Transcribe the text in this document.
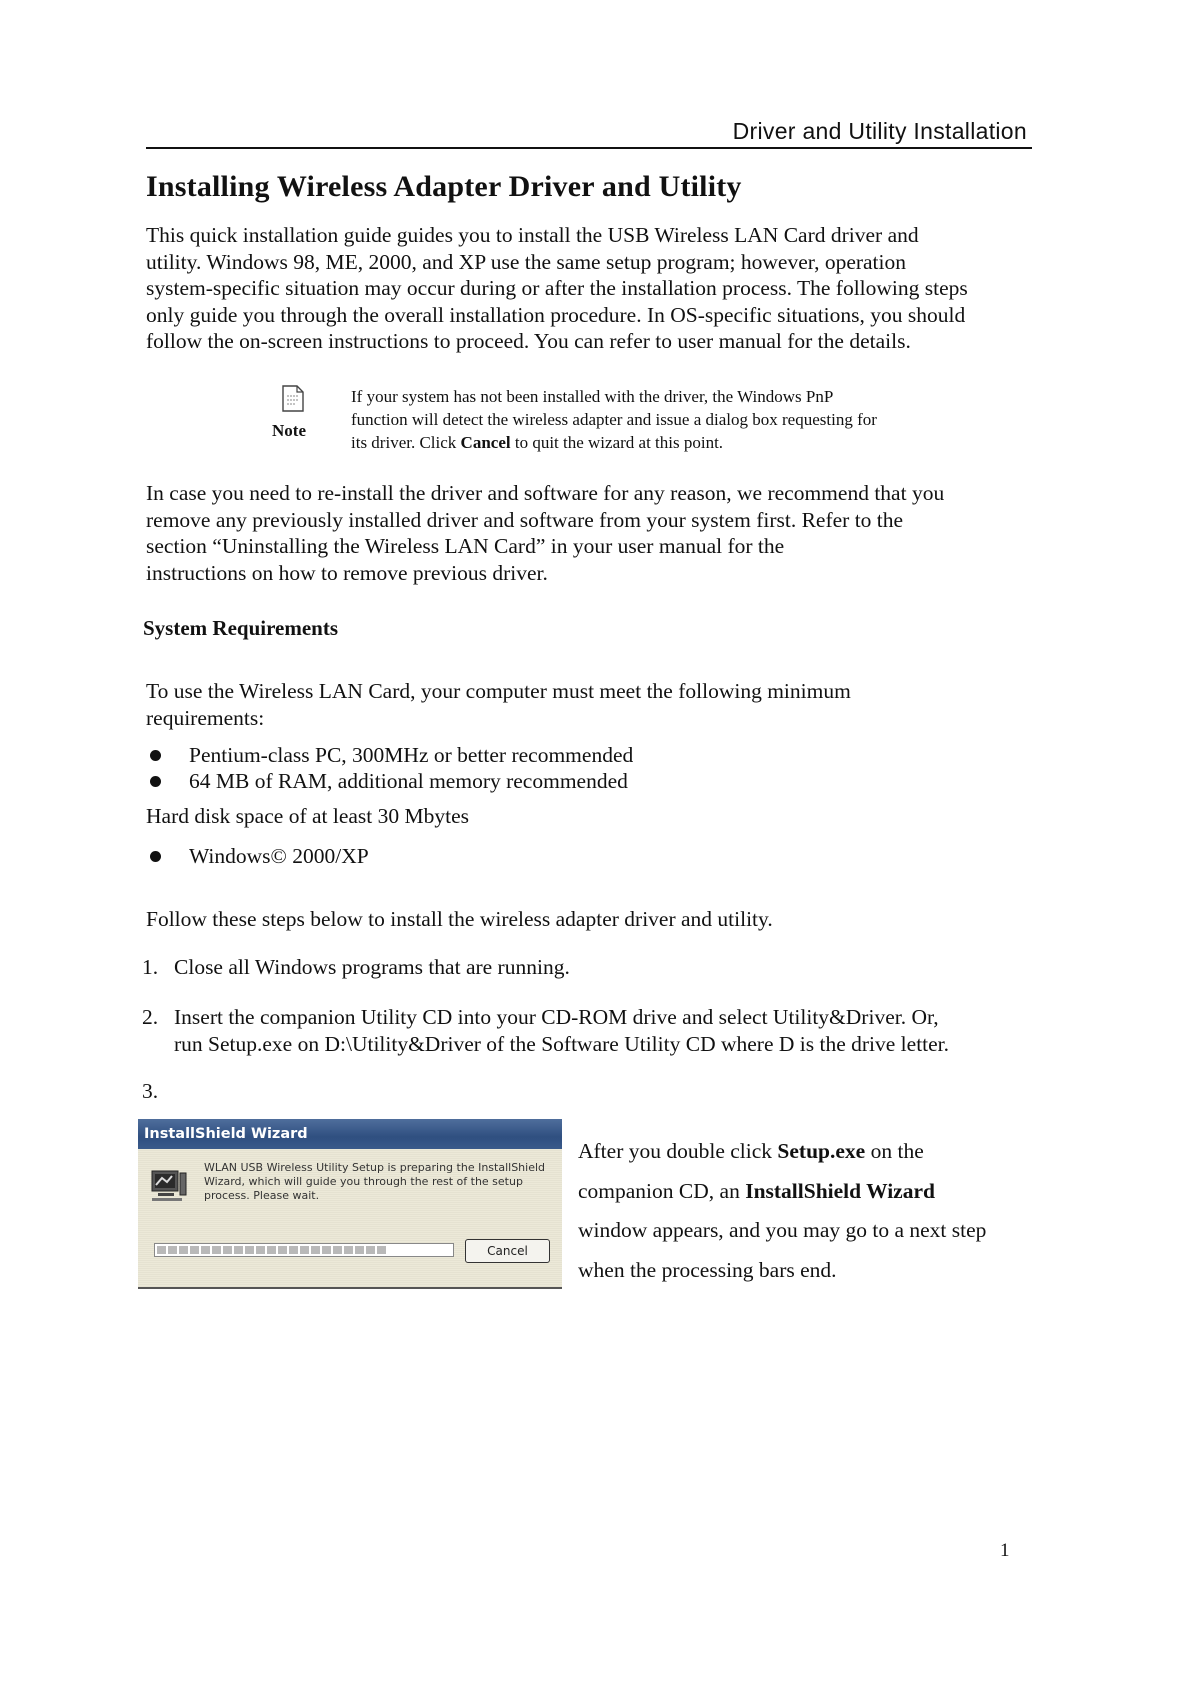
Driver and Utility Installation
Installing Wireless Adapter Driver and Utility
This quick installation guide guides you to install the USB Wireless LAN Card driver and
utility. Windows 98, ME, 2000, and XP use the same setup program; however, operation
system-specific situation may occur during or after the installation process. The following steps
only guide you through the overall installation procedure. In OS-specific situations, you should
follow the on-screen instructions to proceed. You can refer to user manual for the details.
Note
If your system has not been installed with the driver, the Windows PnP
function will detect the wireless adapter and issue a dialog box requesting for
its driver. Click Cancel to quit the wizard at this point.
In case you need to re-install the driver and software for any reason, we recommend that you
remove any previously installed driver and software from your system first. Refer to the
section “Uninstalling the Wireless LAN Card” in your user manual for the
instructions on how to remove previous driver.
System Requirements
To use the Wireless LAN Card, your computer must meet the following minimum
requirements:
Pentium-class PC, 300MHz or better recommended
64 MB of RAM, additional memory recommended
Hard disk space of at least 30 Mbytes
Windows© 2000/XP
Follow these steps below to install the wireless adapter driver and utility.
1. Close all Windows programs that are running.
2. Insert the companion Utility CD into your CD-ROM drive and select Utility&Driver. Or,
run Setup.exe on D:\Utility&Driver of the Software Utility CD where D is the drive letter.
3.
InstallShield Wizard
WLAN USB Wireless Utility Setup is preparing the InstallShield
Wizard, which will guide you through the rest of the setup
process. Please wait.
Cancel
After you double click Setup.exe on the
companion CD, an InstallShield Wizard
window appears, and you may go to a next step
when the processing bars end.
1
